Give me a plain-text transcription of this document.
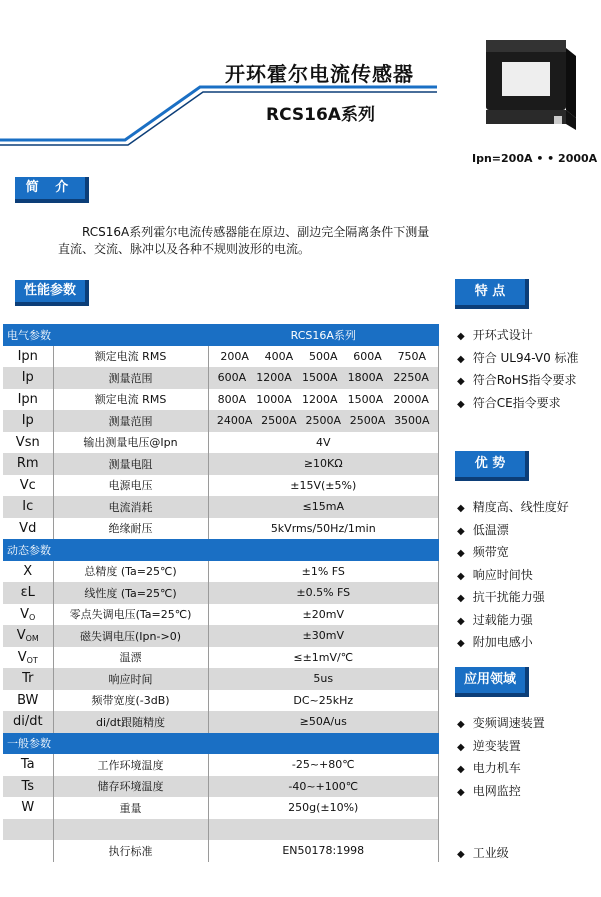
开环霍尔电流传感器
RCS16A系列
Ipn=200A • • 2000A
简 介

RCS16A系列霍尔电流传感器能在原边、副边完全隔离条件下测量直流、交流、脉冲以及各种不规则波形的电流。

性能参数
电气参数		RCS16A系列
Ipn	额定电流 RMS	200A 400A 500A 600A 750A

Ip	测量范围	600A 1200A 1500A 1800A 2250A

Ipn	额定电流 RMS	800A 1000A 1200A 1500A 2000A

Ip	测量范围	2400A 2500A 2500A 2500A 3500A

Vsn	输出测量电压@Ipn	4V
Rm	测量电阻	≥10KΩ
Vc	电源电压	±15V(±5%)
Ic	电流消耗	≤15mA
Vd	绝缘耐压	5kVrms/50Hz/1min
动态参数		
X	总精度 (Ta=25℃)	±1% FS
εL	线性度 (Ta=25℃)	±0.5% FS
$V_O$	零点失调电压(Ta=25℃)	±20mV
$V_{OM}$	磁失调电压(Ipn->0)	±30mV
$V_{OT}$	温漂	≤±1mV/℃
Tr	响应时间	5us
BW	频带宽度(-3dB)	DC~25kHz
di/dt	di/dt跟随精度	≥50A/us
一般参数		
Ta	工作环境温度	-25~+80℃
Ts	储存环境温度	-40~+100℃
W	重量	250g(±10%)

	执行标准	EN50178:1998
特 点
◆ 开环式设计
◆ 符合 UL94-V0 标准
◆ 符合RoHS指令要求
◆ 符合CE指令要求
优 势
◆ 精度高、线性度好
◆ 低温漂
◆ 频带宽
◆ 响应时间快
◆ 抗干扰能力强
◆ 过载能力强
◆ 附加电感小
应用领域
◆ 变频调速装置
◆ 逆变装置
◆ 电力机车
◆ 电网监控
◆ 工业级
